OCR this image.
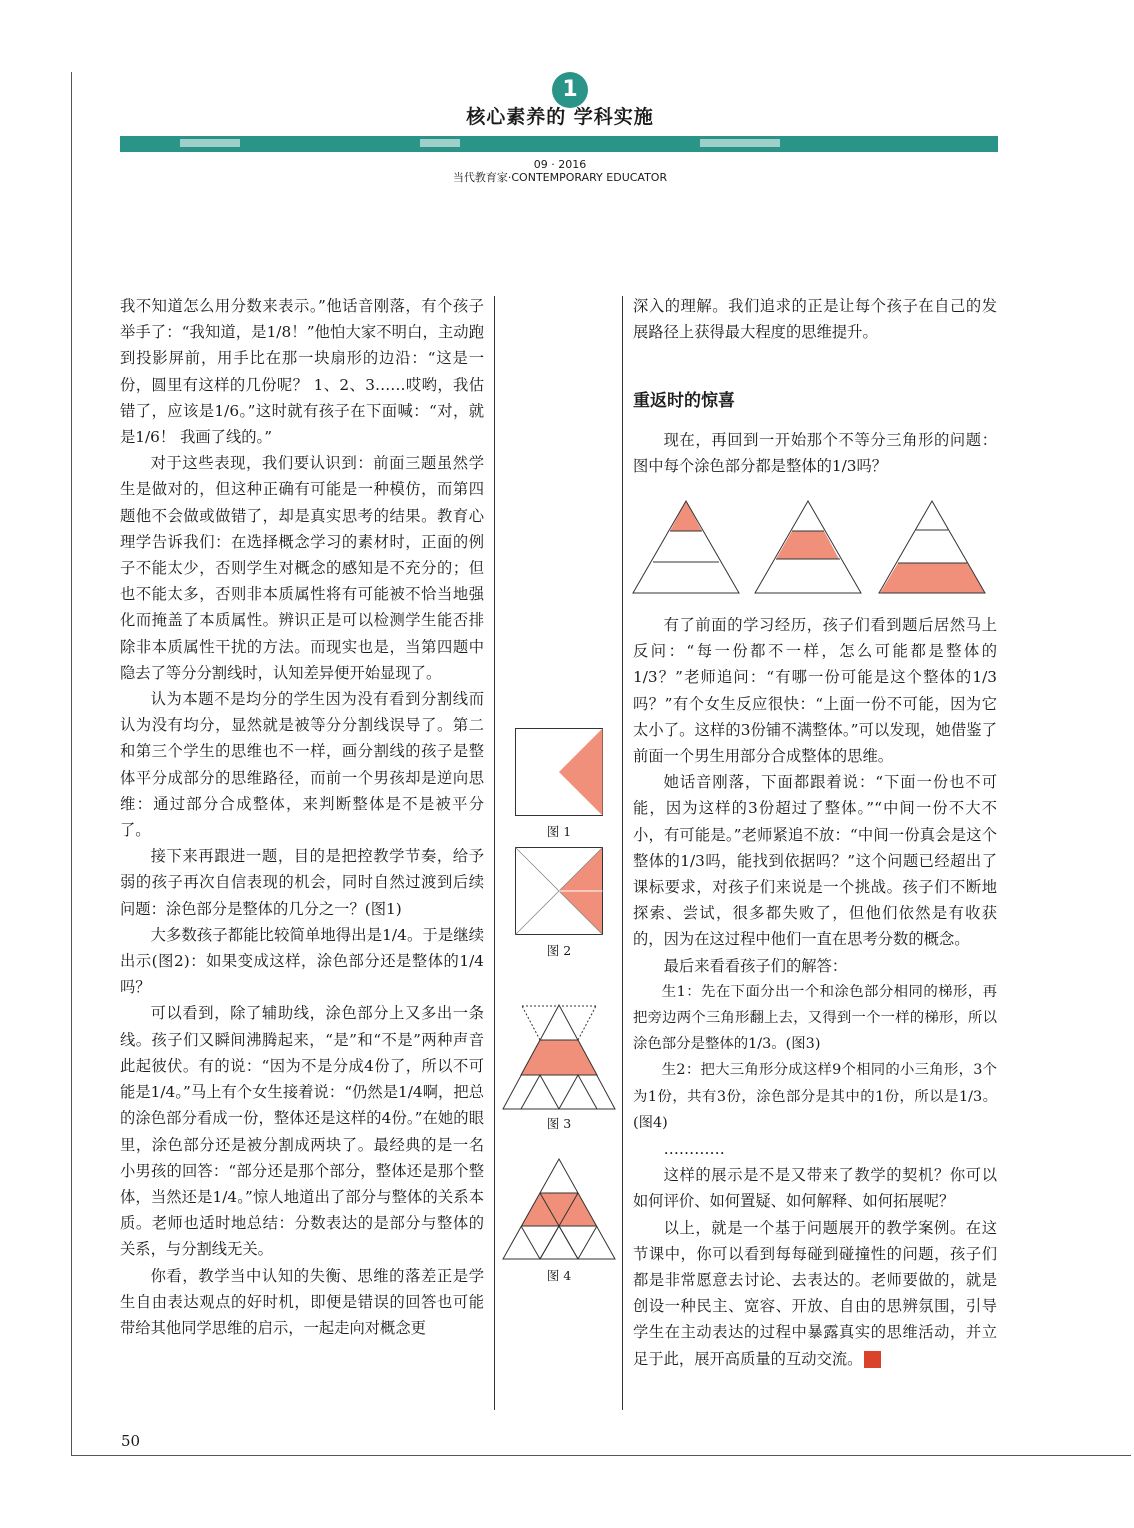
1
核心素养的 学科实施
09 · 2016
当代教育家·CONTEMPORARY EDUCATOR

我不知道怎么用分数来表示。”他话音刚落，有个孩子举手了：“我知道，是1/8！”他怕大家不明白，主动跑到投影屏前，用手比在那一块扇形的边沿：“这是一份，圆里有这样的几份呢？ 1、2、3……哎哟，我估错了，应该是1/6。”这时就有孩子在下面喊：“对，就是1/6！ 我画了线的。”

对于这些表现，我们要认识到：前面三题虽然学生是做对的，但这种正确有可能是一种模仿，而第四题他不会做或做错了，却是真实思考的结果。教育心理学告诉我们：在选择概念学习的素材时，正面的例子不能太少，否则学生对概念的感知是不充分的；但也不能太多，否则非本质属性将有可能被不恰当地强化而掩盖了本质属性。辨识正是可以检测学生能否排除非本质属性干扰的方法。而现实也是，当第四题中隐去了等分分割线时，认知差异便开始显现了。

认为本题不是均分的学生因为没有看到分割线而认为没有均分，显然就是被等分分割线误导了。第二和第三个学生的思维也不一样，画分割线的孩子是整体平分成部分的思维路径，而前一个男孩却是逆向思维：通过部分合成整体，来判断整体是不是被平分了。

接下来再跟进一题，目的是把控教学节奏，给予弱的孩子再次自信表现的机会，同时自然过渡到后续问题：涂色部分是整体的几分之一？(图1)

大多数孩子都能比较简单地得出是1/4。于是继续出示(图2)：如果变成这样，涂色部分还是整体的1/4吗？

可以看到，除了辅助线，涂色部分上又多出一条线。孩子们又瞬间沸腾起来，“是”和“不是”两种声音此起彼伏。有的说：“因为不是分成4份了，所以不可能是1/4。”马上有个女生接着说：“仍然是1/4啊，把总的涂色部分看成一份，整体还是这样的4份。”在她的眼里，涂色部分还是被分割成两块了。最经典的是一名小男孩的回答：“部分还是那个部分，整体还是那个整体，当然还是1/4。”惊人地道出了部分与整体的关系本质。老师也适时地总结：分数表达的是部分与整体的关系，与分割线无关。

你看，教学当中认知的失衡、思维的落差正是学生自由表达观点的好时机，即便是错误的回答也可能带给其他同学思维的启示，一起走向对概念更

图 1
图 2
图 3
图 4

深入的理解。我们追求的正是让每个孩子在自己的发展路径上获得最大程度的思维提升。

重返时的惊喜

现在，再回到一开始那个不等分三角形的问题：图中每个涂色部分都是整体的1/3吗？

有了前面的学习经历，孩子们看到题后居然马上反问：“每一份都不一样，怎么可能都是整体的1/3？”老师追问：“有哪一份可能是这个整体的1/3吗？”有个女生反应很快：“上面一份不可能，因为它太小了。这样的3份铺不满整体。”可以发现，她借鉴了前面一个男生用部分合成整体的思维。

她话音刚落，下面都跟着说：“下面一份也不可能，因为这样的3份超过了整体。”“中间一份不大不小，有可能是。”老师紧追不放：“中间一份真会是这个整体的1/3吗，能找到依据吗？”这个问题已经超出了课标要求，对孩子们来说是一个挑战。孩子们不断地探索、尝试，很多都失败了，但他们依然是有收获的，因为在这过程中他们一直在思考分数的概念。

最后来看看孩子们的解答：

生1：先在下面分出一个和涂色部分相同的梯形，再把旁边两个三角形翻上去，又得到一个一样的梯形，所以涂色部分是整体的1/3。(图3)

生2：把大三角形分成这样9个相同的小三角形，3个为1份，共有3份，涂色部分是其中的1份，所以是1/3。(图4)

…………

这样的展示是不是又带来了教学的契机？你可以如何评价、如何置疑、如何解释、如何拓展呢？

以上，就是一个基于问题展开的教学案例。在这节课中，你可以看到每每碰到碰撞性的问题，孩子们都是非常愿意去讨论、去表达的。老师要做的，就是创设一种民主、宽容、开放、自由的思辨氛围，引导学生在主动表达的过程中暴露真实的思维活动，并立足于此，展开高质量的互动交流。	家

50
